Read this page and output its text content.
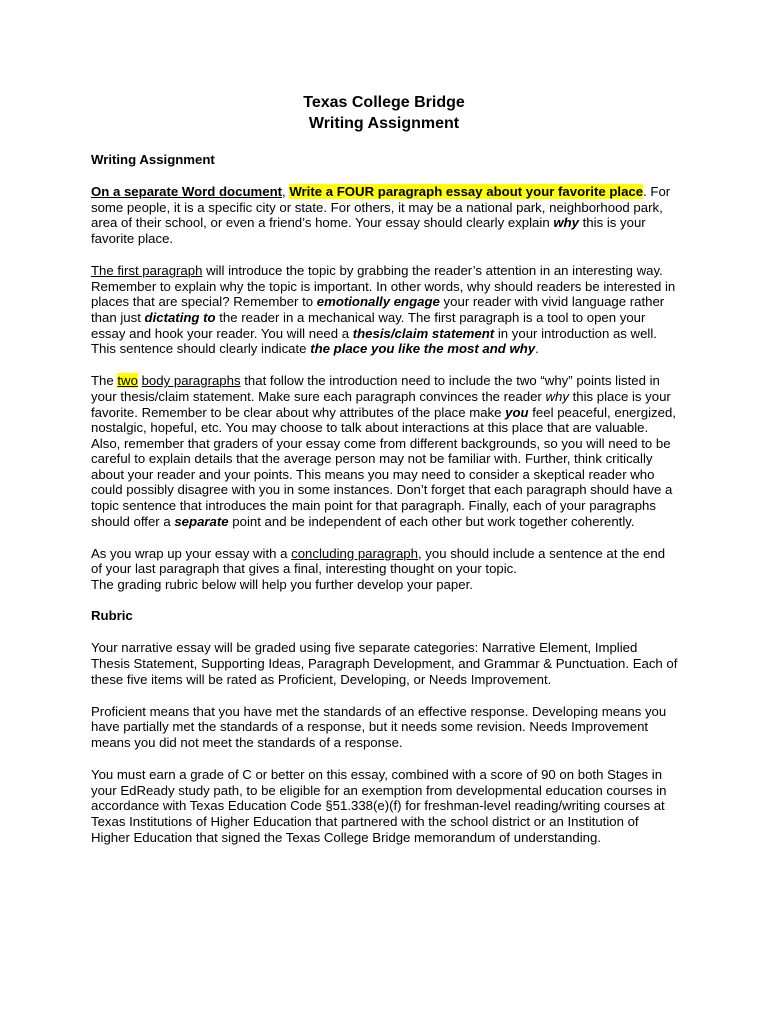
Texas College Bridge
Writing Assignment

Writing Assignment

On a separate Word document, Write a FOUR paragraph essay about your favorite place. For some people, it is a specific city or state. For others, it may be a national park, neighborhood park, area of their school, or even a friend’s home. Your essay should clearly explain why this is your favorite place.

The first paragraph will introduce the topic by grabbing the reader’s attention in an interesting way. Remember to explain why the topic is important. In other words, why should readers be interested in places that are special? Remember to emotionally engage your reader with vivid language rather than just dictating to the reader in a mechanical way. The first paragraph is a tool to open your essay and hook your reader. You will need a thesis/claim statement in your introduction as well. This sentence should clearly indicate the place you like the most and why.

The two body paragraphs that follow the introduction need to include the two “why” points listed in your thesis/claim statement. Make sure each paragraph convinces the reader why this place is your favorite. Remember to be clear about why attributes of the place make you feel peaceful, energized, nostalgic, hopeful, etc. You may choose to talk about interactions at this place that are valuable. Also, remember that graders of your essay come from different backgrounds, so you will need to be careful to explain details that the average person may not be familiar with. Further, think critically about your reader and your points. This means you may need to consider a skeptical reader who could possibly disagree with you in some instances. Don’t forget that each paragraph should have a topic sentence that introduces the main point for that paragraph. Finally, each of your paragraphs should offer a separate point and be independent of each other but work together coherently.

As you wrap up your essay with a concluding paragraph, you should include a sentence at the end of your last paragraph that gives a final, interesting thought on your topic.

The grading rubric below will help you further develop your paper.

Rubric

Your narrative essay will be graded using five separate categories: Narrative Element, Implied Thesis Statement, Supporting Ideas, Paragraph Development, and Grammar & Punctuation. Each of these five items will be rated as Proficient, Developing, or Needs Improvement.

Proficient means that you have met the standards of an effective response. Developing means you have partially met the standards of a response, but it needs some revision. Needs Improvement means you did not meet the standards of a response.

You must earn a grade of C or better on this essay, combined with a score of 90 on both Stages in your EdReady study path, to be eligible for an exemption from developmental education courses in accordance with Texas Education Code §51.338(e)(f) for freshman-level reading/writing courses at Texas Institutions of Higher Education that partnered with the school district or an Institution of Higher Education that signed the Texas College Bridge memorandum of understanding.
